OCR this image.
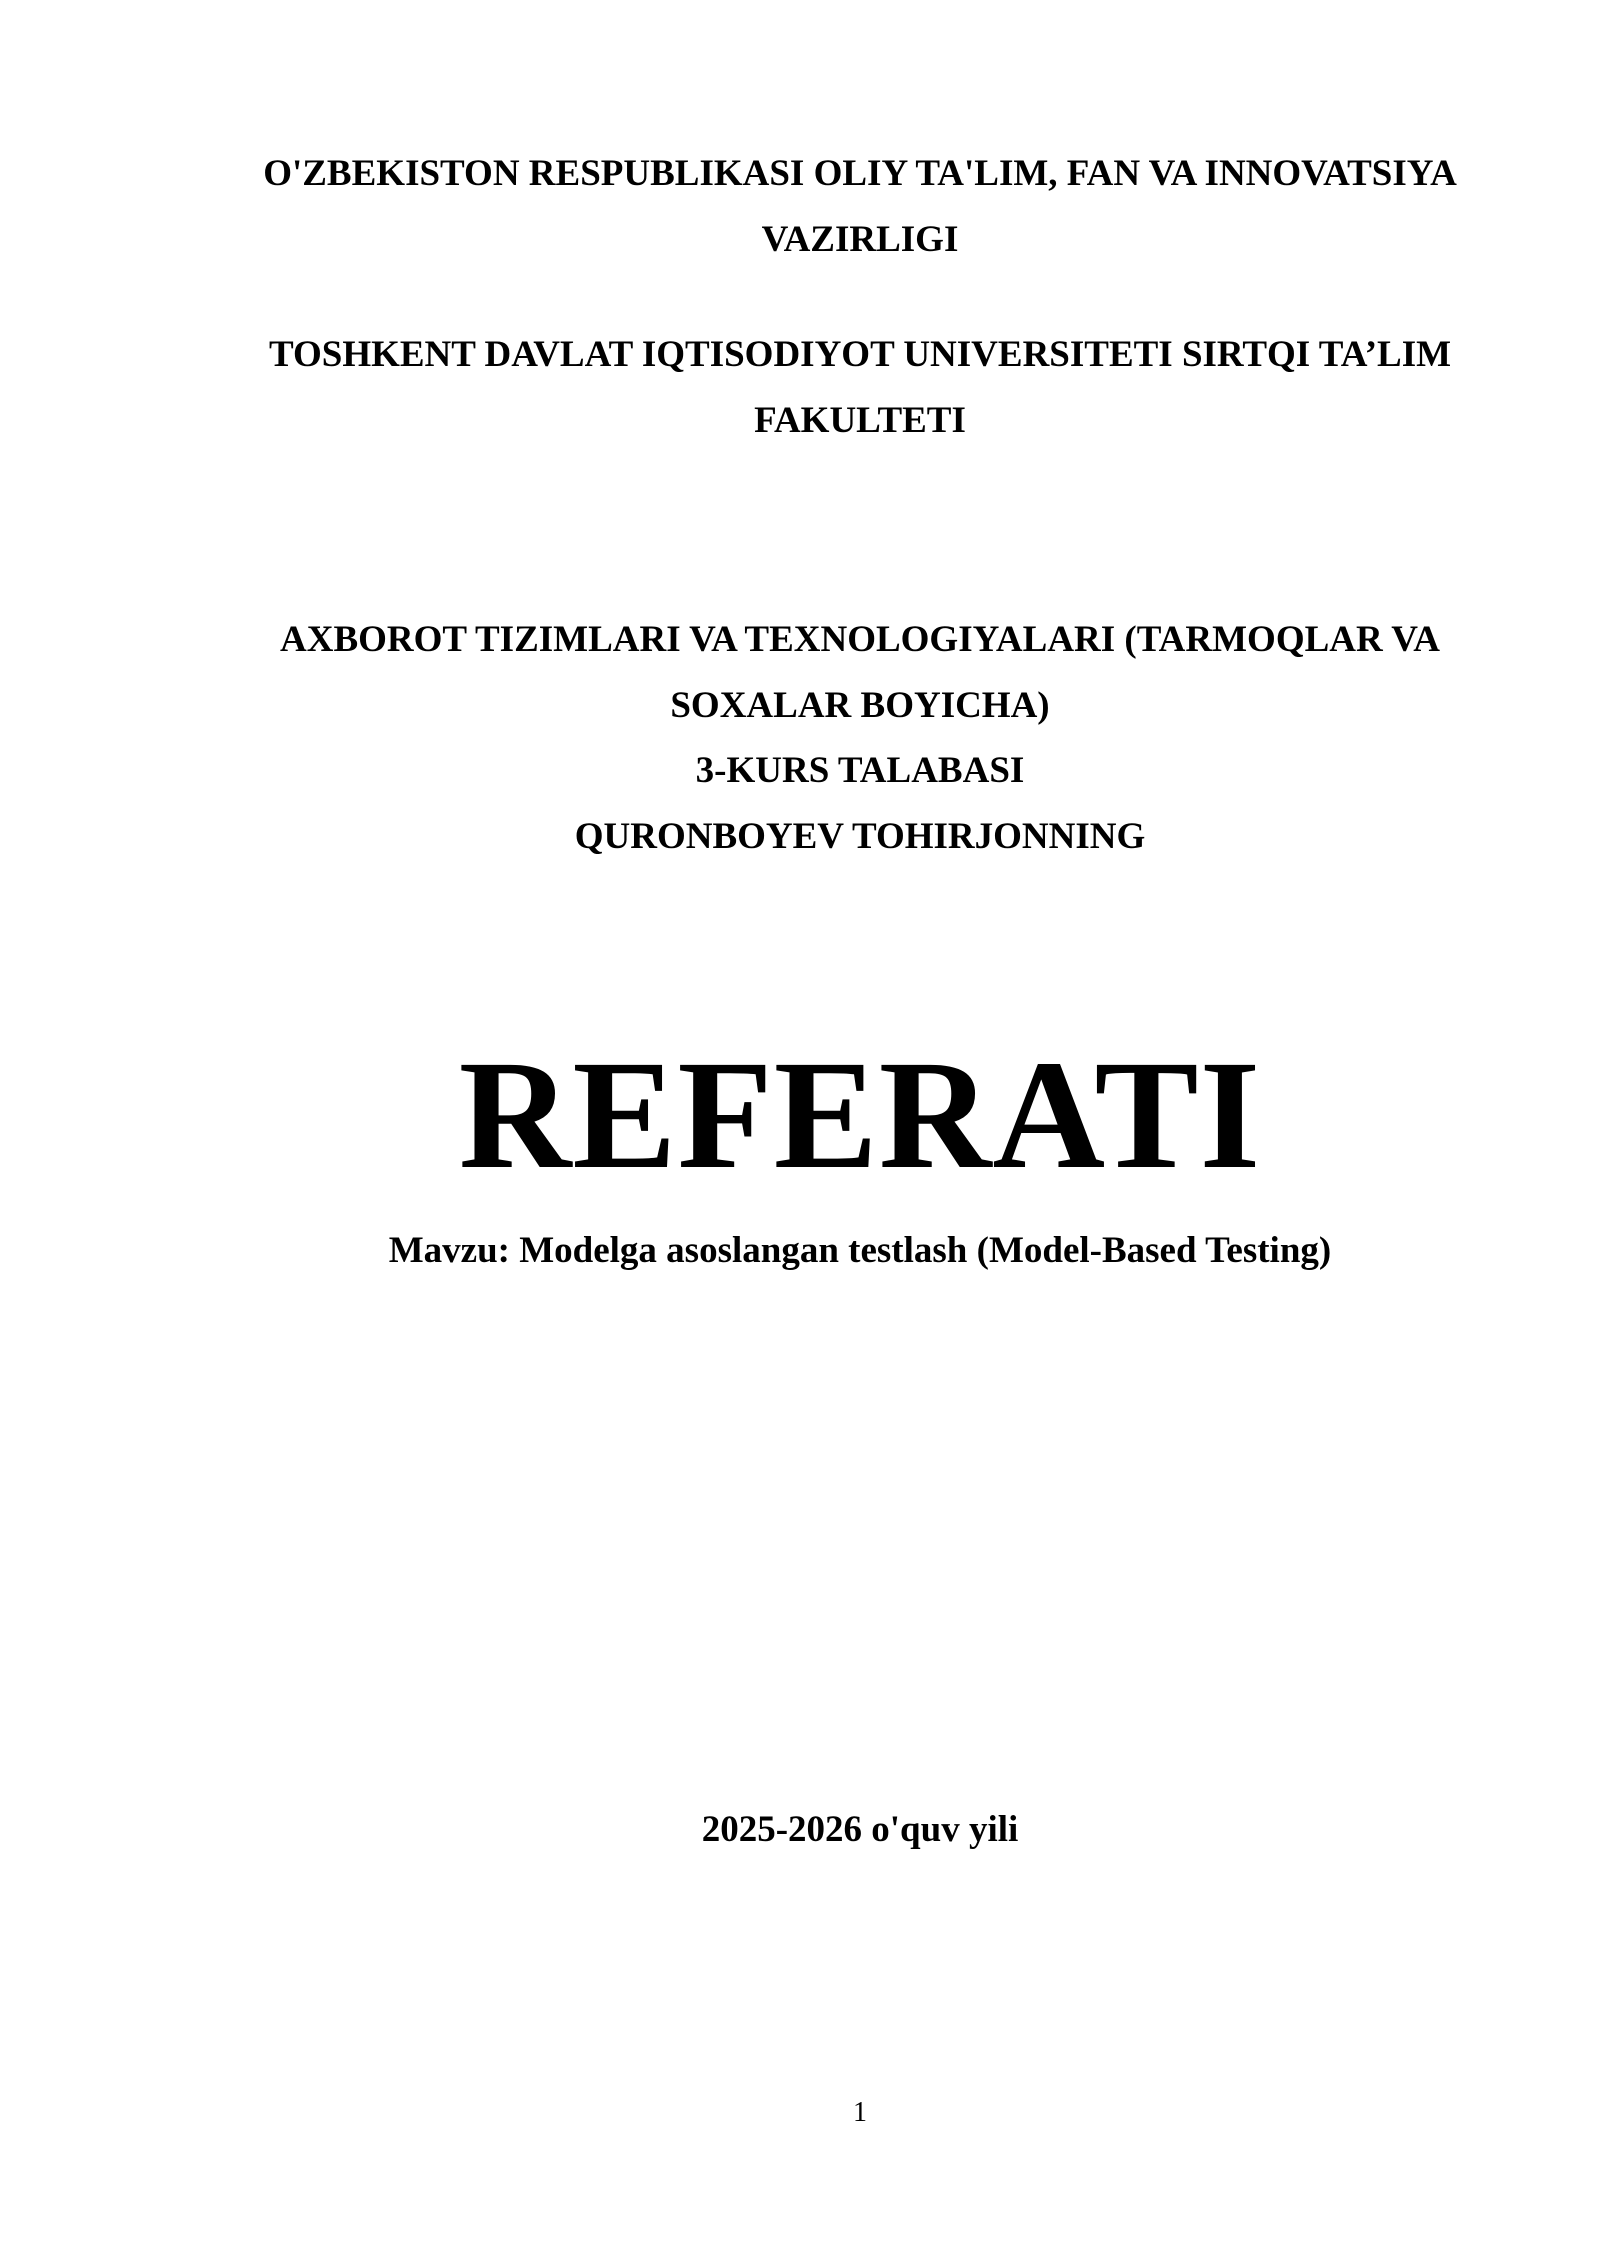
O'ZBEKISTON RESPUBLIKASI OLIY TA'LIM, FAN VA INNOVATSIYA
VAZIRLIGI
TOSHKENT DAVLAT IQTISODIYOT UNIVERSITETI SIRTQI TA’LIM
FAKULTETI
AXBOROT TIZIMLARI VA TEXNOLOGIYALARI (TARMOQLAR VA
SOXALAR BOYICHA)
3-KURS TALABASI
QURONBOYEV TOHIRJONNING
REFERATI
Mavzu: Modelga asoslangan testlash (Model-Based Testing)
2025-2026 o'quv yili
1
